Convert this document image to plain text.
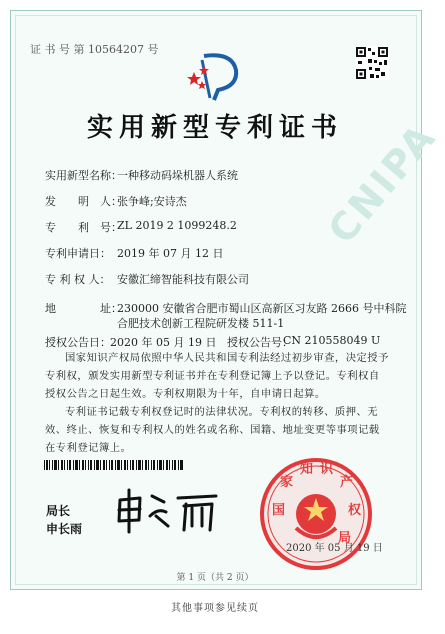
CNIPA
证 书 号 第 10564207 号
实用新型专利证书
实用新型名称：
一种移动码垛机器人系统
发　　明　人：
张争峰;安诗杰
专　　利　号：
ZL 2019 2 1099248.2
专利申请日： 2019 年 07 月 12 日
专 利 权 人： 安徽汇缔智能科技有限公司
地　　　　址：
230000 安徽省合肥市蜀山区高新区习友路 2666 号中科院
合肥技术创新工程院研发楼 511-1
授权公告日： 2020 年 05 月 19 日 授权公告号：
CN 210558049 U
国家知识产权局依照中华人民共和国专利法经过初步审查，决定授予专利权，颁发实用新型专利证书并在专利登记簿上予以登记。专利权自授权公告之日起生效。专利权期限为十年，自申请日起算。
专利证书记载专利权登记时的法律状况。专利权的转移、质押、无效、终止、恢复和专利权人的姓名或名称、国籍、地址变更等事项记载在专利登记簿上。
局长
申长雨
国
家
知 识
产
权
局
2020 年 05 月 19 日
第 1 页（共 2 页）
其他事项参见续页
